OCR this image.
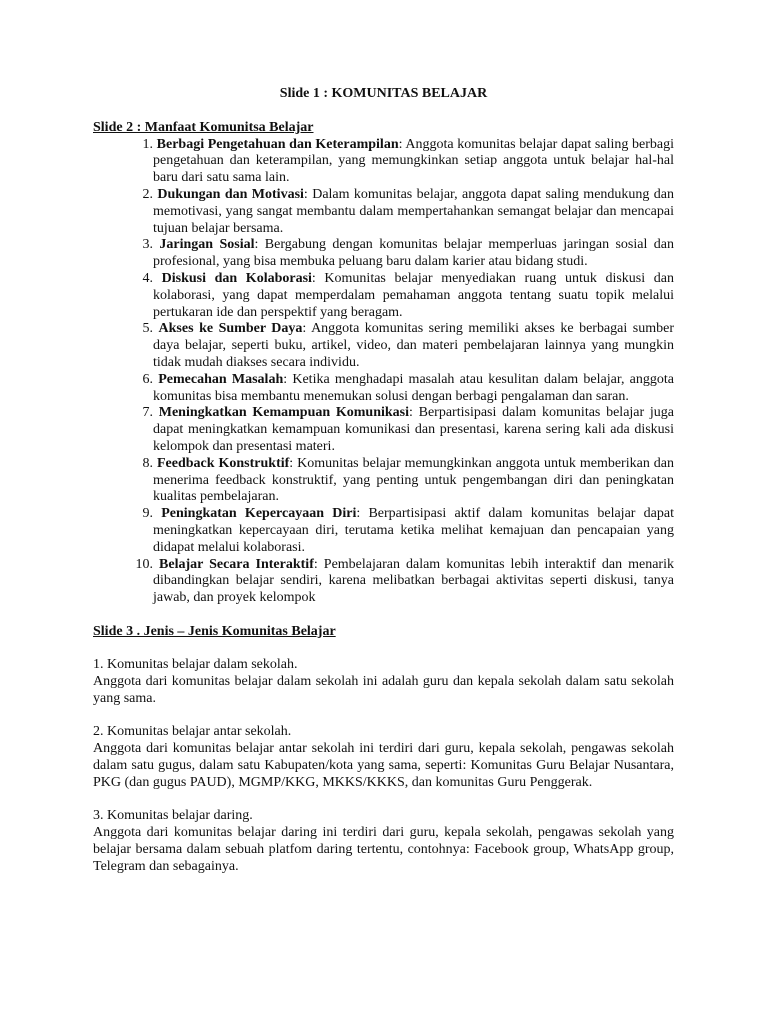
Slide 1 : KOMUNITAS BELAJAR

Slide 2 : Manfaat Komunitsa Belajar

1. Berbagi Pengetahuan dan Keterampilan: Anggota komunitas belajar dapat saling berbagi pengetahuan dan keterampilan, yang memungkinkan setiap anggota untuk belajar hal-hal baru dari satu sama lain.
2. Dukungan dan Motivasi: Dalam komunitas belajar, anggota dapat saling mendukung dan memotivasi, yang sangat membantu dalam mempertahankan semangat belajar dan mencapai tujuan belajar bersama.
3. Jaringan Sosial: Bergabung dengan komunitas belajar memperluas jaringan sosial dan profesional, yang bisa membuka peluang baru dalam karier atau bidang studi.
4. Diskusi dan Kolaborasi: Komunitas belajar menyediakan ruang untuk diskusi dan kolaborasi, yang dapat memperdalam pemahaman anggota tentang suatu topik melalui pertukaran ide dan perspektif yang beragam.
5. Akses ke Sumber Daya: Anggota komunitas sering memiliki akses ke berbagai sumber daya belajar, seperti buku, artikel, video, dan materi pembelajaran lainnya yang mungkin tidak mudah diakses secara individu.
6. Pemecahan Masalah: Ketika menghadapi masalah atau kesulitan dalam belajar, anggota komunitas bisa membantu menemukan solusi dengan berbagi pengalaman dan saran.
7. Meningkatkan Kemampuan Komunikasi: Berpartisipasi dalam komunitas belajar juga dapat meningkatkan kemampuan komunikasi dan presentasi, karena sering kali ada diskusi kelompok dan presentasi materi.
8. Feedback Konstruktif: Komunitas belajar memungkinkan anggota untuk memberikan dan menerima feedback konstruktif, yang penting untuk pengembangan diri dan peningkatan kualitas pembelajaran.
9. Peningkatan Kepercayaan Diri: Berpartisipasi aktif dalam komunitas belajar dapat meningkatkan kepercayaan diri, terutama ketika melihat kemajuan dan pencapaian yang didapat melalui kolaborasi.
10. Belajar Secara Interaktif: Pembelajaran dalam komunitas lebih interaktif dan menarik dibandingkan belajar sendiri, karena melibatkan berbagai aktivitas seperti diskusi, tanya jawab, dan proyek kelompok

Slide 3 . Jenis – Jenis Komunitas Belajar

1. Komunitas belajar dalam sekolah.

Anggota dari komunitas belajar dalam sekolah ini adalah guru dan kepala sekolah dalam satu sekolah yang sama.

2. Komunitas belajar antar sekolah.

Anggota dari komunitas belajar antar sekolah ini terdiri dari guru, kepala sekolah, pengawas sekolah dalam satu gugus, dalam satu Kabupaten/kota yang sama, seperti: Komunitas Guru Belajar Nusantara, PKG (dan gugus PAUD), MGMP/KKG, MKKS/KKKS, dan komunitas Guru Penggerak.

3. Komunitas belajar daring.

Anggota dari komunitas belajar daring ini terdiri dari guru, kepala sekolah, pengawas sekolah yang belajar bersama dalam sebuah platfom daring tertentu, contohnya: Facebook group, WhatsApp group, Telegram dan sebagainya.
